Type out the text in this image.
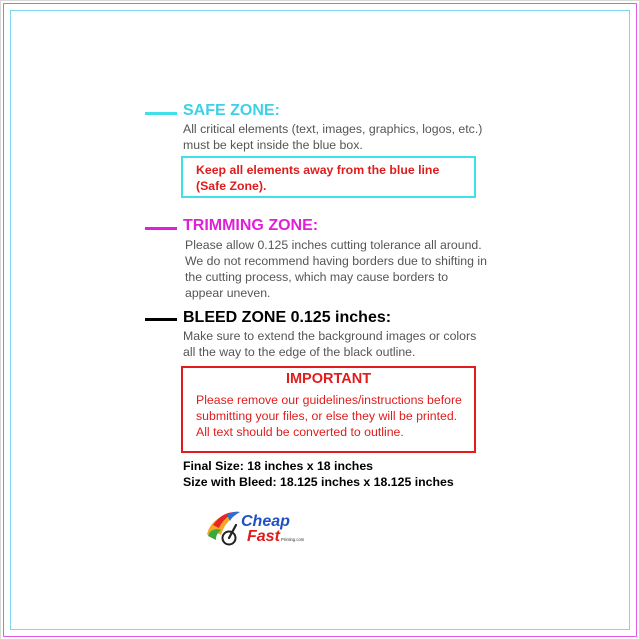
SAFE ZONE:
All critical elements (text, images, graphics, logos, etc.)
must be kept inside the blue box.
Keep all elements away from the blue line
(Safe Zone).
TRIMMING ZONE:
Please allow 0.125 inches cutting tolerance all around.
We do not recommend having borders due to shifting in
the cutting process, which may cause borders to
appear uneven.
BLEED ZONE 0.125 inches:
Make sure to extend the background images or colors
all the way to the edge of the black outline.
IMPORTANT
Please remove our guidelines/instructions before
submitting your files, or else they will be printed.
All text should be converted to outline.
Final Size: 18 inches x 18 inches
Size with Bleed: 18.125 inches x 18.125 inches
Cheap
Fast Printing.com
